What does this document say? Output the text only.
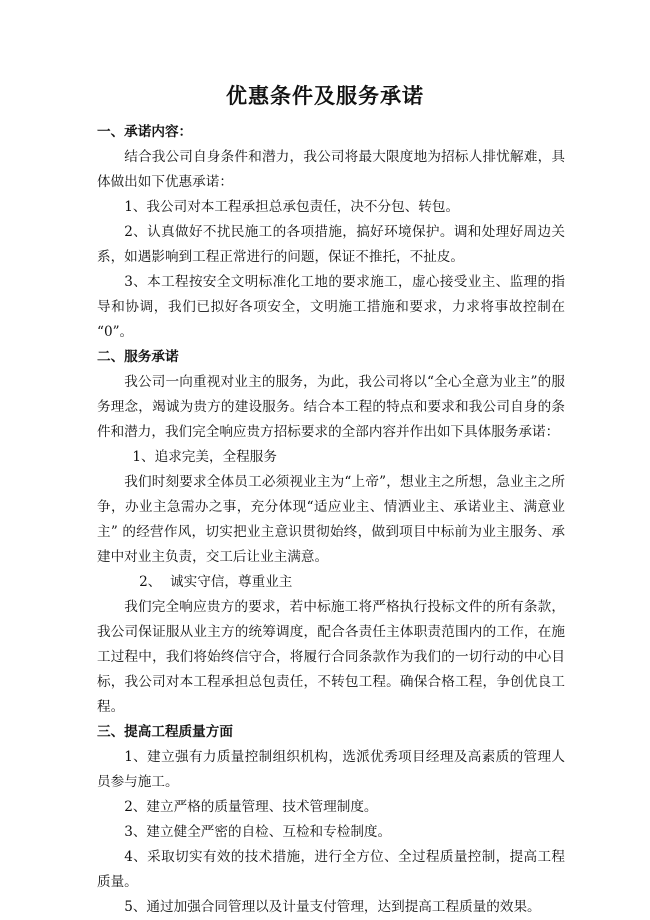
优惠条件及服务承诺
一、承诺内容：
结合我公司自身条件和潜力，我公司将最大限度地为招标人排忧解难，具体做出如下优惠承诺：
1、我公司对本工程承担总承包责任，决不分包、转包。
2、认真做好不扰民施工的各项措施，搞好环境保护。调和处理好周边关系，如遇影响到工程正常进行的问题，保证不推托，不扯皮。
3、本工程按安全文明标准化工地的要求施工，虚心接受业主、监理的指导和协调，我们已拟好各项安全，文明施工措施和要求，力求将事故控制在 “0”。
二、服务承诺
我公司一向重视对业主的服务，为此，我公司将以“全心全意为业主”的服务理念，竭诚为贵方的建设服务。结合本工程的特点和要求和我公司自身的条件和潜力，我们完全响应贵方招标要求的全部内容并作出如下具体服务承诺：
1、追求完美，全程服务
我们时刻要求全体员工必须视业主为“上帝”，想业主之所想，急业主之所争，办业主急需办之事，充分体现“适应业主、情洒业主、承诺业主、满意业主” 的经营作风，切实把业主意识贯彻始终，做到项目中标前为业主服务、承建中对业主负责，交工后让业主满意。
2、  诚实守信，尊重业主
我们完全响应贵方的要求，若中标施工将严格执行投标文件的所有条款，我公司保证服从业主方的统筹调度，配合各责任主体职责范围内的工作，在施工过程中，我们将始终信守合，将履行合同条款作为我们的一切行动的中心目标，我公司对本工程承担总包责任，不转包工程。确保合格工程，争创优良工程。
三、提高工程质量方面
1、建立强有力质量控制组织机构，选派优秀项目经理及高素质的管理人员参与施工。
2、建立严格的质量管理、技术管理制度。
3、建立健全严密的自检、互检和专检制度。
4、采取切实有效的技术措施，进行全方位、全过程质量控制，提高工程质量。
5、通过加强合同管理以及计量支付管理，达到提高工程质量的效果。
